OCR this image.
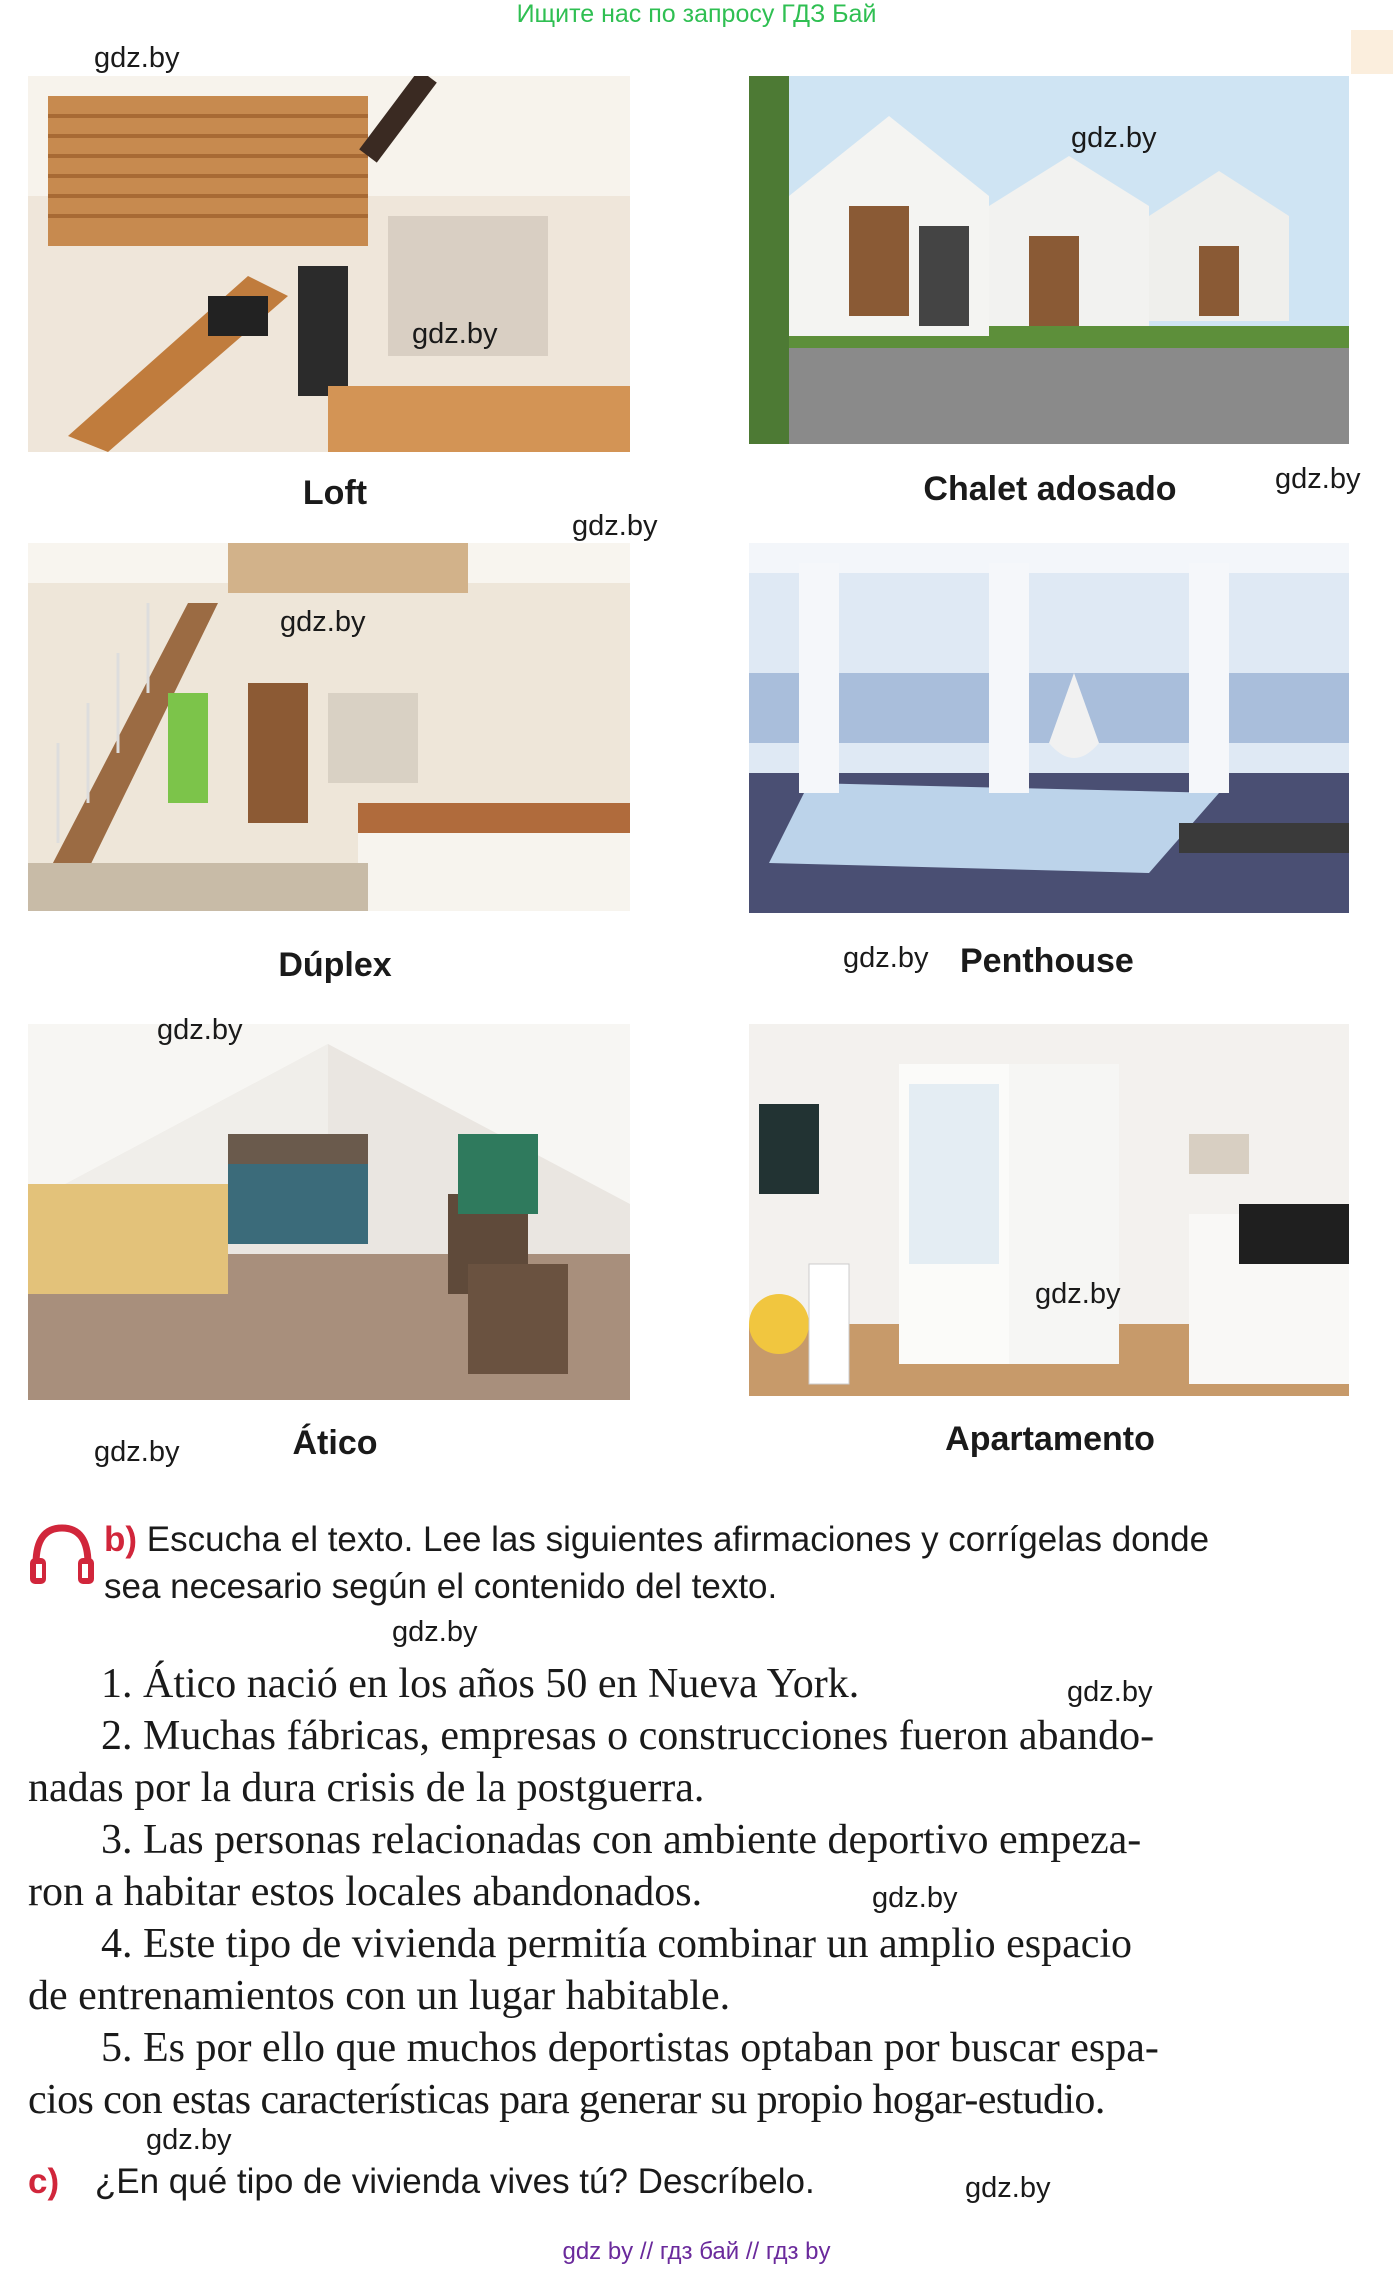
Ищите нас по запросу ГДЗ Бай
Loft	Chalet adosado
Dúplex	Penthouse
Ático	Apartamento
gdz.by
gdz.by
gdz.by
gdz.by
gdz.by
gdz.by
gdz.by
gdz.by
gdz.by
gdz.by
gdz.by
gdz.by
gdz.by
gdz.by
gdz.by
b) Escucha el texto. Lee las siguientes afirmaciones y corrígelas donde
sea necesario según el contenido del texto.
1. Ático nació en los años 50 en Nueva York.
2. Muchas fábricas, empresas o construcciones fueron abando-
nadas por la dura crisis de la postguerra.
3. Las personas relacionadas con ambiente deportivo empeza-
ron a habitar estos locales abandonados.
4. Este tipo de vivienda permitía combinar un amplio espacio
de entrenamientos con un lugar habitable.
5. Es por ello que muchos deportistas optaban por buscar espa-
cios con estas características para generar su propio hogar-estudio.
c) ¿En qué tipo de vivienda vives tú? Descríbelo.
gdz by // гдз бай // гдз by
